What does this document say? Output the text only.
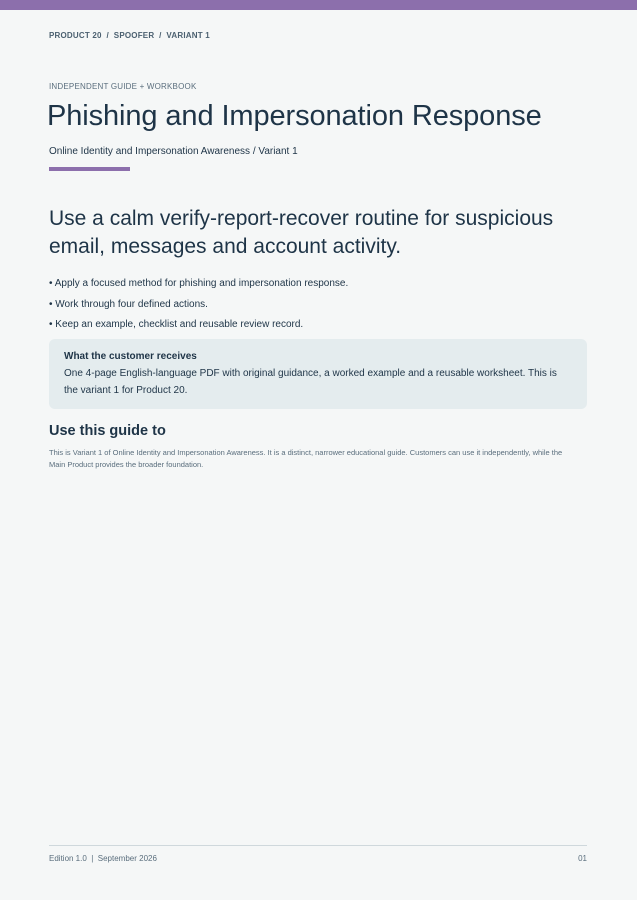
PRODUCT 20  /  SPOOFER  /  VARIANT 1
INDEPENDENT GUIDE + WORKBOOK
Phishing and Impersonation Response
Online Identity and Impersonation Awareness / Variant 1

Use a calm verify-report-recover routine for suspicious email, messages and account activity.

• Apply a focused method for phishing and impersonation response.
• Work through four defined actions.
• Keep an example, checklist and reusable review record.
What the customer receives
One 4-page English-language PDF with original guidance, a worked example and a reusable worksheet. This is the variant 1 for Product 20.
Use this guide to

This is Variant 1 of Online Identity and Impersonation Awareness. It is a distinct, narrower educational guide. Customers can use it independently, while the Main Product provides the broader foundation.

Edition 1.0  |  September 2026	01
